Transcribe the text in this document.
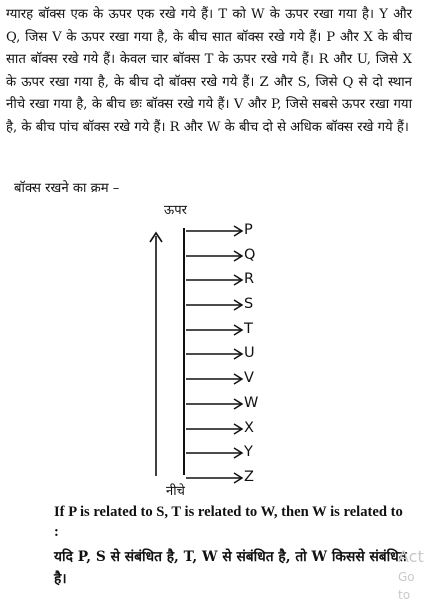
ग्यारह बॉक्स एक के ऊपर एक रखे गये हैं। T को W के ऊपर रखा गया है। Y और Q, जिस V के ऊपर रखा गया है, के बीच सात बॉक्स रखे गये हैं। P और X के बीच सात बॉक्स रखे गये हैं। केवल चार बॉक्स T के ऊपर रखे गये हैं। R और U, जिसे X के ऊपर रखा गया है, के बीच दो बॉक्स रखे गये हैं। Z और S, जिसे Q से दो स्थान नीचे रखा गया है, के बीच छः बॉक्स रखे गये हैं। V और P, जिसे सबसे ऊपर रखा गया है, के बीच पांच बॉक्स रखे गये हैं। R और W के बीच दो से अधिक बॉक्स रखे गये हैं।

बॉक्स रखने का क्रम –
ऊपर
P
Q
R
S
T
U
V
W
X
Y
Z
नीचे

If P is related to S, T is related to W, then W is related to :

यदि P, S से संबंधित है, T, W से संबंधित है, तो W किससे संबंधित है।

Act
Go to
